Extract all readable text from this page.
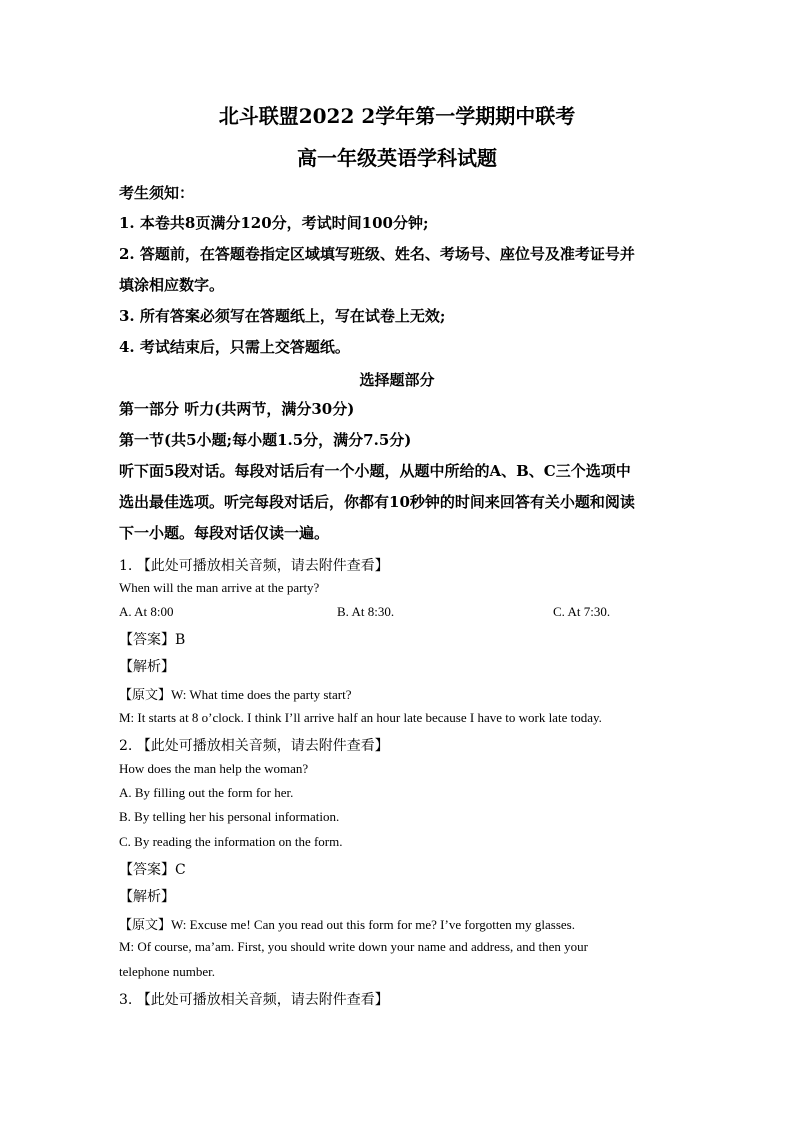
北斗联盟2022 2学年第一学期期中联考
高一年级英语学科试题
考生须知：
1. 本卷共8页满分120分，考试时间100分钟;
2. 答题前，在答题卷指定区域填写班级、姓名、考场号、座位号及准考证号并
填涂相应数字。
3. 所有答案必须写在答题纸上，写在试卷上无效;
4. 考试结束后，只需上交答题纸。
选择题部分
第一部分 听力(共两节，满分30分)
第一节(共5小题;每小题1.5分，满分7.5分)
听下面5段对话。每段对话后有一个小题，从题中所给的A、B、C三个选项中
选出最佳选项。听完每段对话后，你都有10秒钟的时间来回答有关小题和阅读
下一小题。每段对话仅读一遍。
1. 【此处可播放相关音频，请去附件查看】
When will the man arrive at the party?
A. At 8:00	B. At 8:30.	C. At 7:30.
【答案】B
【解析】
【原文】W: What time does the party start?
M: It starts at 8 o’clock. I think I’ll arrive half an hour late because I have to work late today.
2. 【此处可播放相关音频，请去附件查看】
How does the man help the woman?
A. By filling out the form for her.
B. By telling her his personal information.
C. By reading the information on the form.
【答案】C
【解析】
【原文】W: Excuse me! Can you read out this form for me? I’ve forgotten my glasses.
M: Of course, ma’am. First, you should write down your name and address, and then your
telephone number.
3. 【此处可播放相关音频，请去附件查看】
